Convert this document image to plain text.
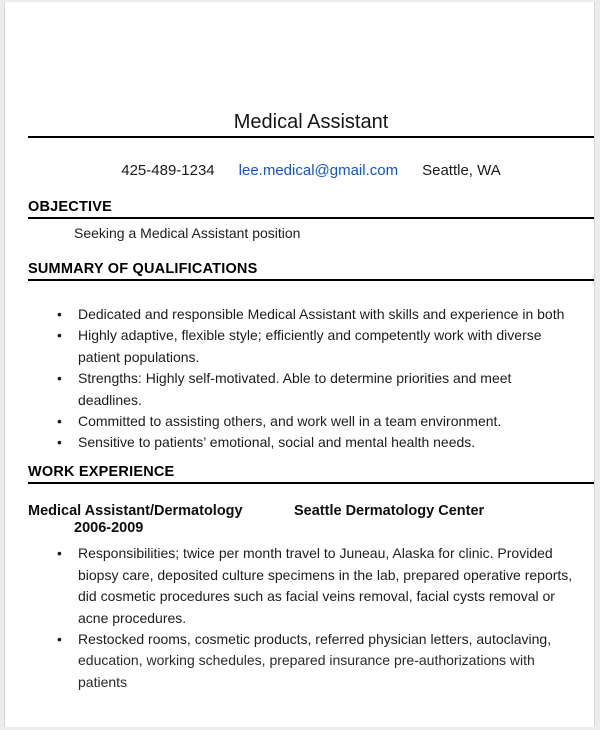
Medical Assistant
425-489-1234 lee.medical@gmail.com Seattle, WA
OBJECTIVE
Seeking a Medical Assistant position
SUMMARY OF QUALIFICATIONS
• Dedicated and responsible Medical Assistant with skills and experience in both
• Highly adaptive, flexible style; efficiently and competently work with diverse patient populations.
• Strengths: Highly self-motivated. Able to determine priorities and meet deadlines.
• Committed to assisting others, and work well in a team environment.
• Sensitive to patients’ emotional, social and mental health needs.
WORK EXPERIENCE
Medical Assistant/Dermatology	Seattle Dermatology Center
2006-2009
• Responsibilities; twice per month travel to Juneau, Alaska for clinic. Provided biopsy care, deposited culture specimens in the lab, prepared operative reports, did cosmetic procedures such as facial veins removal, facial cysts removal or acne procedures.
• Restocked rooms, cosmetic products, referred physician letters, autoclaving,
education, working schedules, prepared insurance pre-authorizations with patients
